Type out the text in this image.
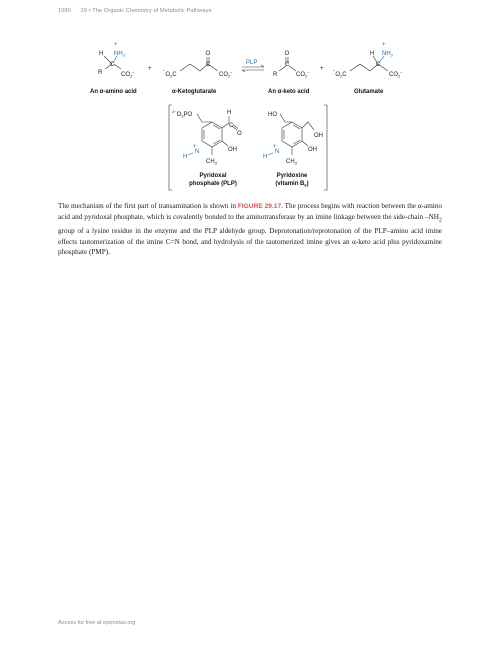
1090 29 • The Organic Chemistry of Metabolic Pathways
H
+
$NH_3$
C
R	$CO_2^-$ +	$^-O_2C$
O
C
$CO_2^-$
PLP
O
C
R	$CO_2^- + ^-O_2C$
H
+
$NH_3$
C
$CO_2^-$
An α-amino acid	α-Ketoglutarate	An α-keto acid	Glutamate
$^{2-}O_3PO$	H
C
O
OH
+
N
H
$CH_3$
HO
OH
OH
+
N
H
$CH_3$
Pyridoxal
phosphate (PLP)
Pyridoxine
(vitamin $B_6$)

The mechanism of the first part of transamination is shown in FIGURE 29.17. The process begins with reaction between the α-amino acid and pyridoxal phosphate, which is covalently bonded to the aminotransferase by an imine linkage between the side-chain $-NH_2$ group of a lysine residue in the enzyme and the PLP aldehyde group. Deprotonation/reprotonation of the PLP–amino acid imine effects tautomerization of the imine C=N bond, and hydrolysis of the tautomerized imine gives an α-keto acid plus pyridoxamine phosphate (PMP).

Access for free at openstax.org
